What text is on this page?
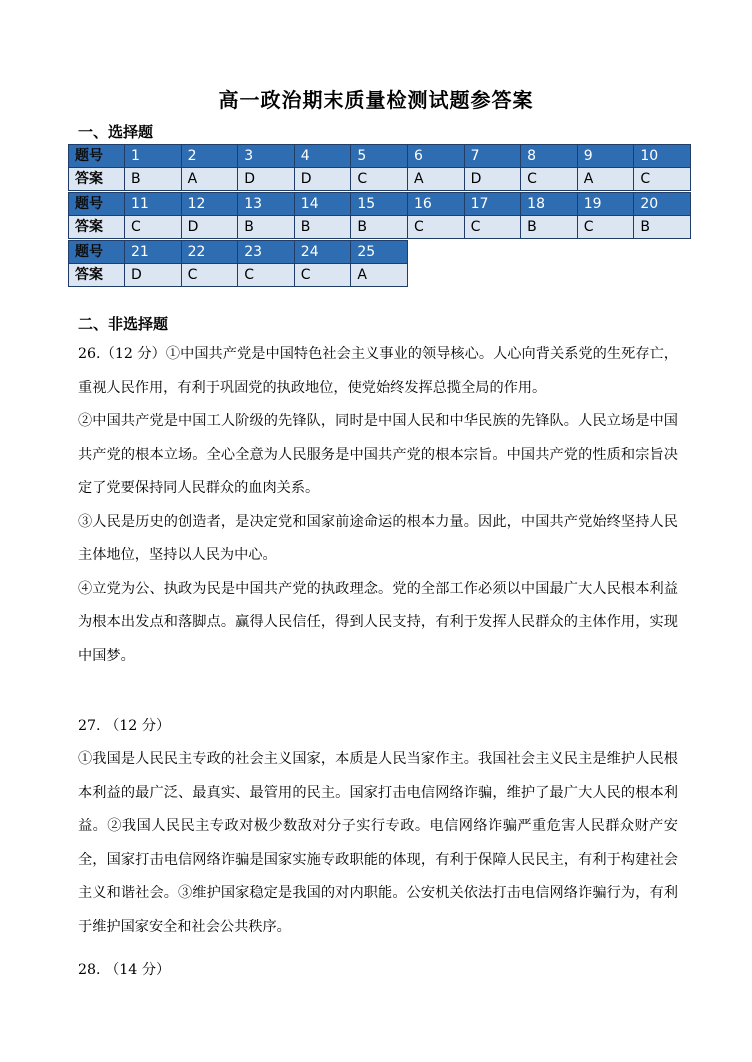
高一政治期末质量检测试题参答案
一、选择题
题号	1	2	3	4	5	6	7	8	9	10
答案	B	A	D	D	C	A	D	C	A	C
题号	11	12	13	14	15	16	17	18	19	20
答案	C	D	B	B	B	C	C	B	C	B
题号	21	22	23	24	25
答案	D	C	C	C	A
二、非选择题

26.（12 分）①中国共产党是中国特色社会主义事业的领导核心。人心向背关系党的生死存亡，重视人民作用，有利于巩固党的执政地位，使党始终发挥总揽全局的作用。

②中国共产党是中国工人阶级的先锋队，同时是中国人民和中华民族的先锋队。人民立场是中国共产党的根本立场。全心全意为人民服务是中国共产党的根本宗旨。中国共产党的性质和宗旨决定了党要保持同人民群众的血肉关系。

③人民是历史的创造者，是决定党和国家前途命运的根本力量。因此，中国共产党始终坚持人民主体地位，坚持以人民为中心。

④立党为公、执政为民是中国共产党的执政理念。党的全部工作必须以中国最广大人民根本利益为根本出发点和落脚点。赢得人民信任，得到人民支持，有利于发挥人民群众的主体作用，实现中国梦。

27. （12 分）

①我国是人民民主专政的社会主义国家，本质是人民当家作主。我国社会主义民主是维护人民根本利益的最广泛、最真实、最管用的民主。国家打击电信网络诈骗，维护了最广大人民的根本利益。②我国人民民主专政对极少数敌对分子实行专政。电信网络诈骗严重危害人民群众财产安全，国家打击电信网络诈骗是国家实施专政职能的体现，有利于保障人民民主，有利于构建社会主义和谐社会。③维护国家稳定是我国的对内职能。公安机关依法打击电信网络诈骗行为，有利于维护国家安全和社会公共秩序。

28. （14 分）
